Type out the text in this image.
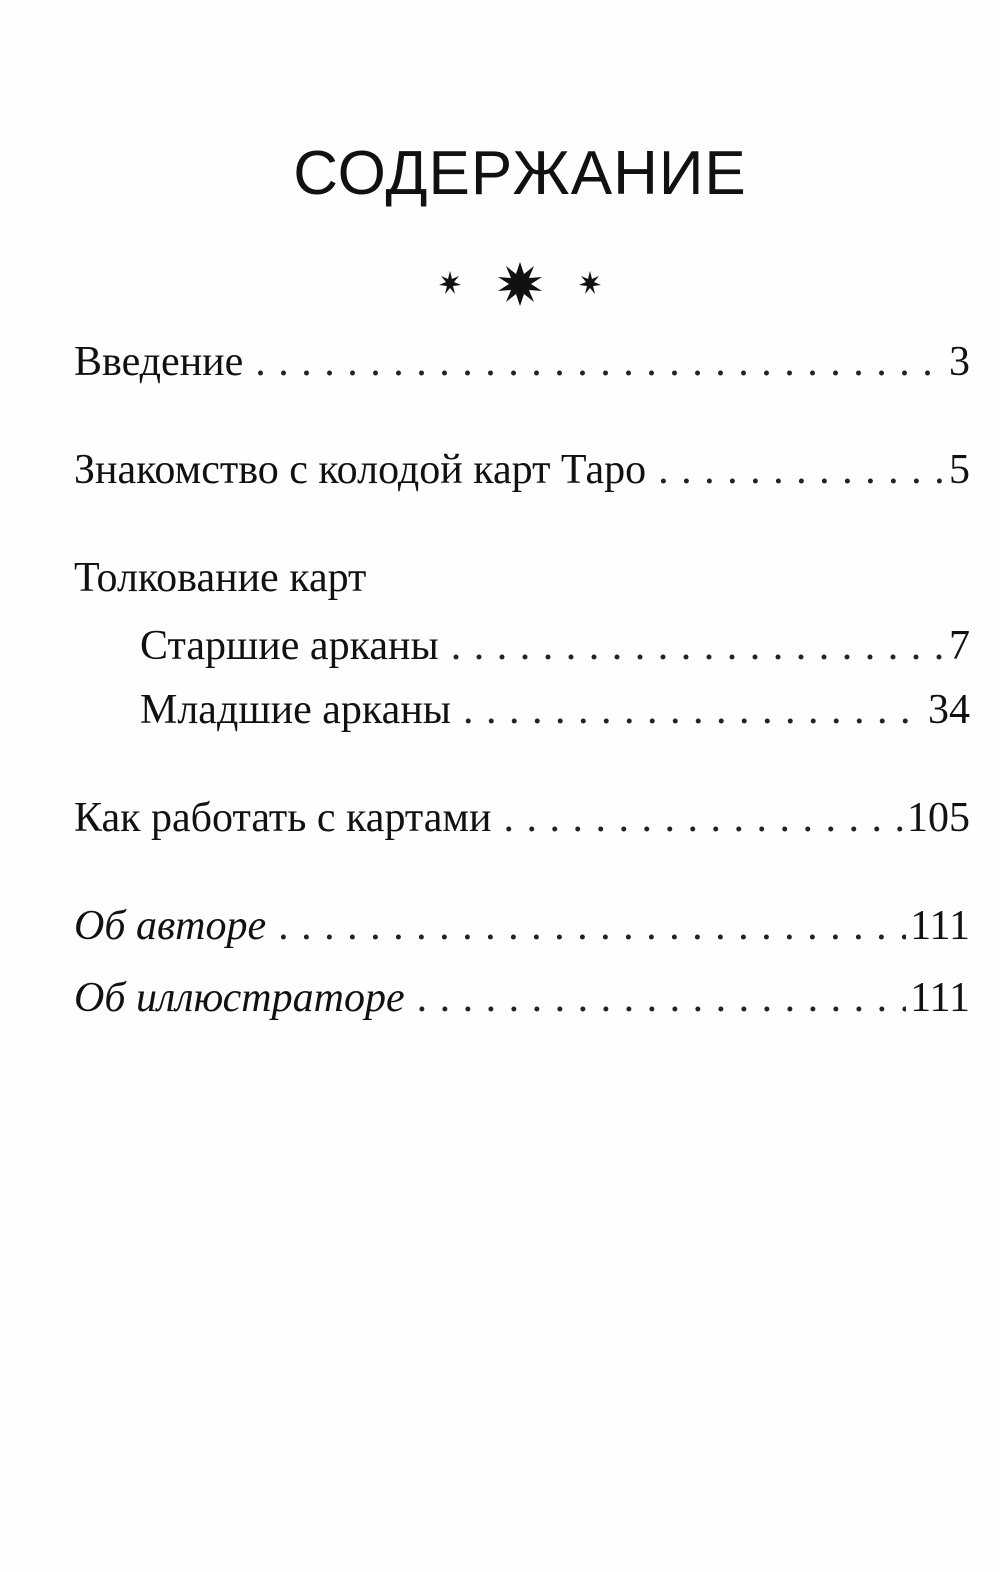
СОДЕРЖАНИЕ
Введение . . .	3
Знакомство с колодой карт Таро . . .	5
Толкование карт
Старшие арканы . . .	7
Младшие арканы . . .	34
Как работать с картами . . .	105
Об авторе . . .	111
Об иллюстраторе . . .	111
